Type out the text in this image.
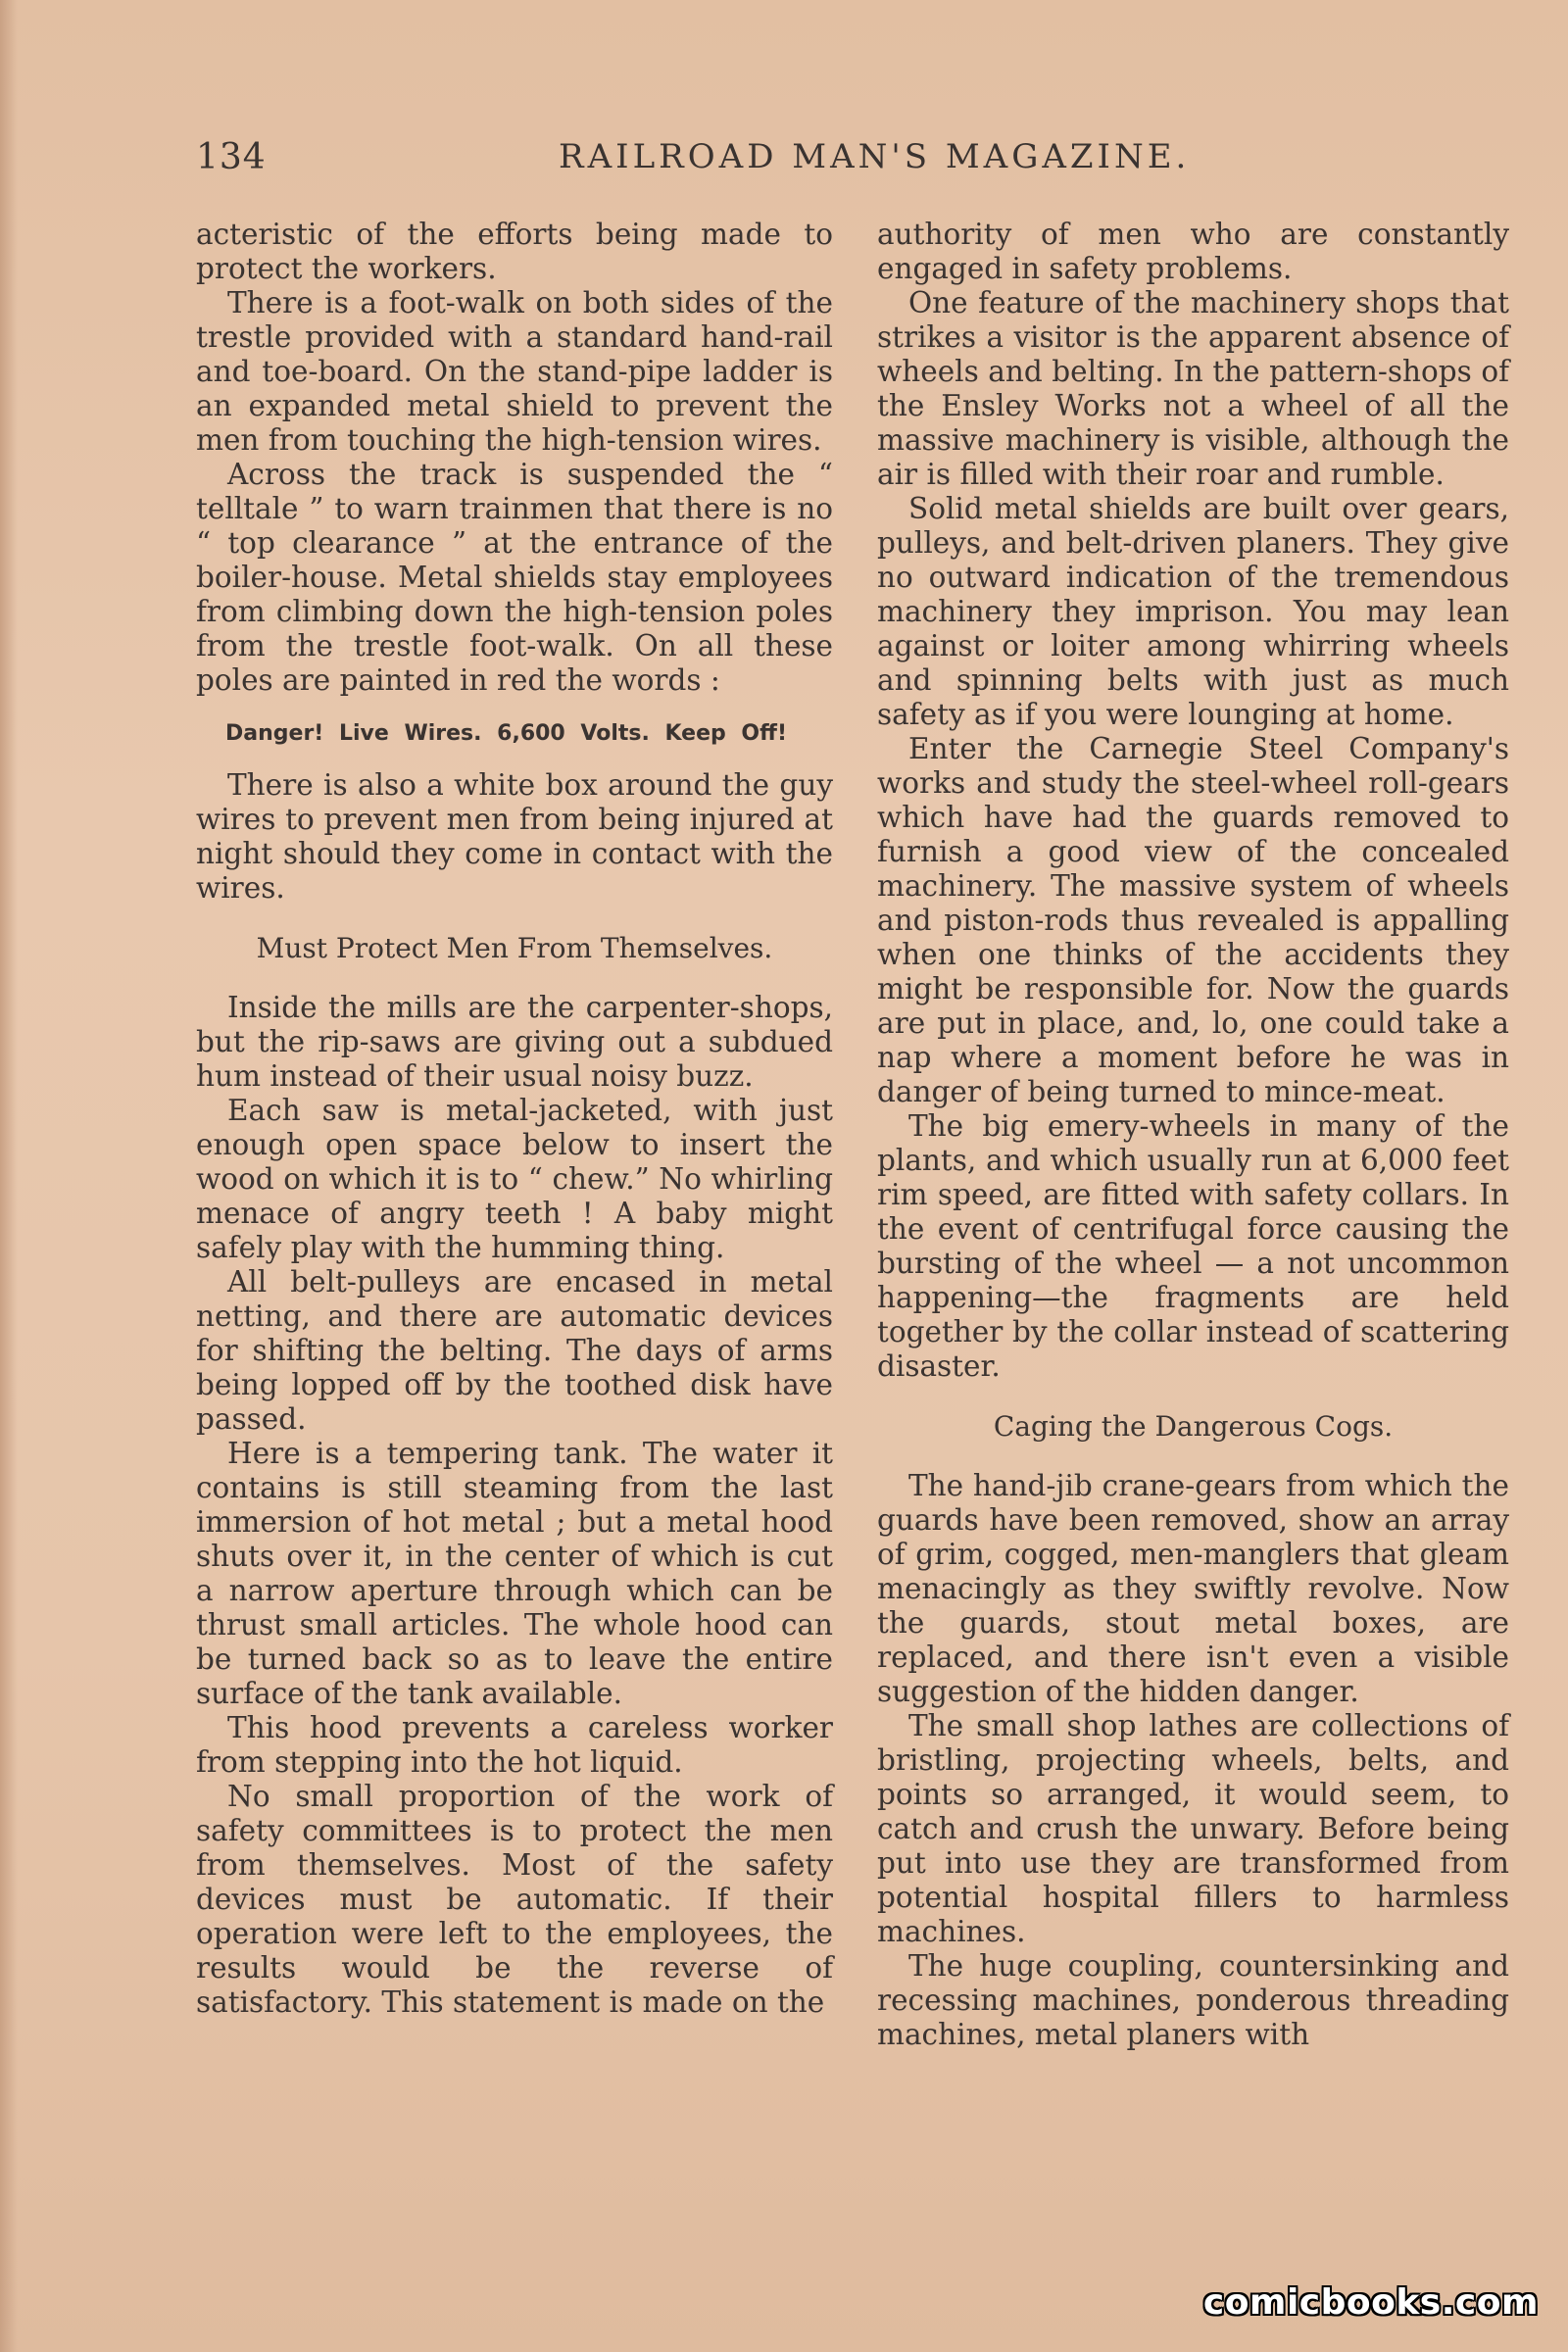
134	RAILROAD MAN'S MAGAZINE.

acteristic of the efforts being made to protect the workers.

There is a foot-walk on both sides of the trestle provided with a standard hand-rail and toe-board. On the stand-pipe ladder is an expanded metal shield to prevent the men from touching the high-tension wires.

Across the track is suspended the “ telltale ” to warn trainmen that there is no “ top clearance ” at the entrance of the boiler-house. Metal shields stay employees from climbing down the high-tension poles from the trestle foot-walk. On all these poles are painted in red the words :

Danger! Live Wires. 6,600 Volts. Keep Off!

There is also a white box around the guy wires to prevent men from being injured at night should they come in contact with the wires.

Must Protect Men From Themselves.

Inside the mills are the carpenter-shops, but the rip-saws are giving out a subdued hum instead of their usual noisy buzz.

Each saw is metal-jacketed, with just enough open space below to insert the wood on which it is to “ chew.” No whirling menace of angry teeth ! A baby might safely play with the humming thing.

All belt-pulleys are encased in metal netting, and there are automatic devices for shifting the belting. The days of arms being lopped off by the toothed disk have passed.

Here is a tempering tank. The water it contains is still steaming from the last immersion of hot metal ; but a metal hood shuts over it, in the center of which is cut a narrow aperture through which can be thrust small articles. The whole hood can be turned back so as to leave the entire surface of the tank available.

This hood prevents a careless worker from stepping into the hot liquid.

No small proportion of the work of safety committees is to protect the men from themselves. Most of the safety devices must be automatic. If their operation were left to the employees, the results would be the reverse of satisfactory. This statement is made on the

authority of men who are constantly engaged in safety problems.

One feature of the machinery shops that strikes a visitor is the apparent absence of wheels and belting. In the pattern-shops of the Ensley Works not a wheel of all the massive machinery is visible, although the air is filled with their roar and rumble.

Solid metal shields are built over gears, pulleys, and belt-driven planers. They give no outward indication of the tremendous machinery they imprison. You may lean against or loiter among whirring wheels and spinning belts with just as much safety as if you were lounging at home.

Enter the Carnegie Steel Company's works and study the steel-wheel roll-gears which have had the guards removed to furnish a good view of the concealed machinery. The massive system of wheels and piston-rods thus revealed is appalling when one thinks of the accidents they might be responsible for. Now the guards are put in place, and, lo, one could take a nap where a moment before he was in danger of being turned to mince-meat.

The big emery-wheels in many of the plants, and which usually run at 6,000 feet rim speed, are fitted with safety collars. In the event of centrifugal force causing the bursting of the wheel — a not uncommon happening—the fragments are held together by the collar instead of scattering disaster.

Caging the Dangerous Cogs.

The hand-jib crane-gears from which the guards have been removed, show an array of grim, cogged, men-manglers that gleam menacingly as they swiftly revolve. Now the guards, stout metal boxes, are replaced, and there isn't even a visible suggestion of the hidden danger.

The small shop lathes are collections of bristling, projecting wheels, belts, and points so arranged, it would seem, to catch and crush the unwary. Before being put into use they are transformed from potential hospital fillers to harmless machines.

The huge coupling, countersinking and recessing machines, ponderous threading machines, metal planers with

comicbooks.com
